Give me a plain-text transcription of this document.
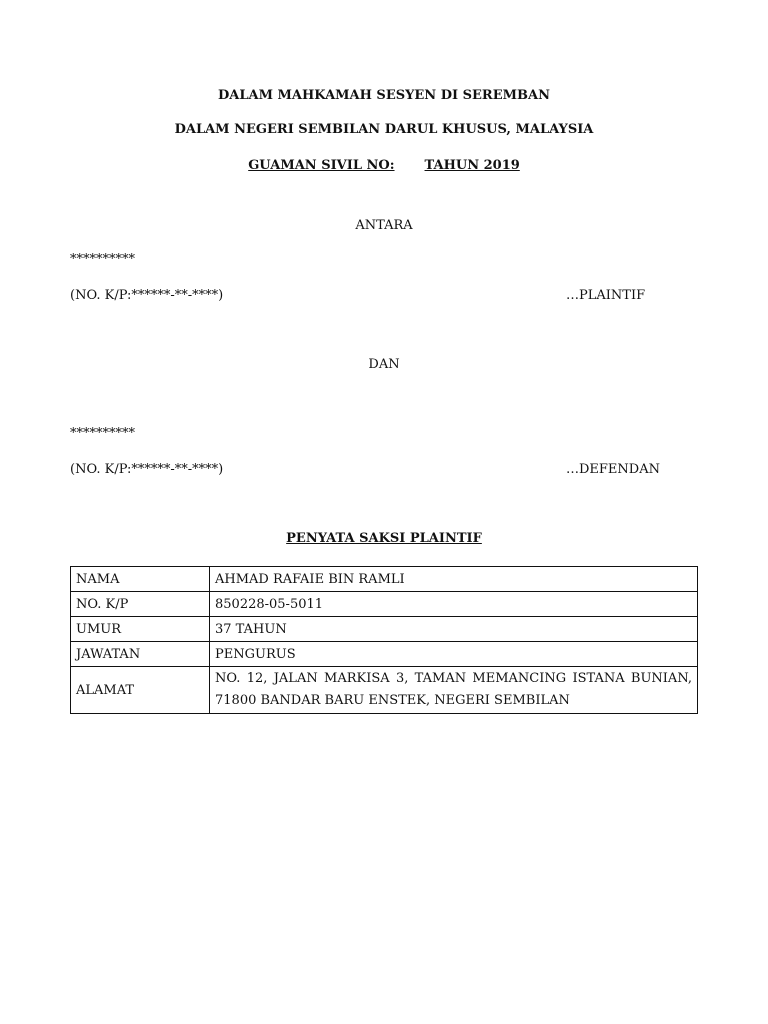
DALAM MAHKAMAH SESYEN DI SEREMBAN
DALAM NEGERI SEMBILAN DARUL KHUSUS, MALAYSIA
GUAMAN SIVIL NO: TAHUN 2019
ANTARA
**********
(NO. K/P:******-**-****)	…PLAINTIF
DAN
**********
(NO. K/P:******-**-****)	…DEFENDAN
PENYATA SAKSI PLAINTIF
NAMA	AHMAD RAFAIE BIN RAMLI
NO. K/P	850228-05-5011
UMUR	37 TAHUN
JAWATAN	PENGURUS
ALAMAT	NO. 12, JALAN MARKISA 3, TAMAN MEMANCING ISTANA BUNIAN, 71800 BANDAR BARU ENSTEK, NEGERI SEMBILAN
